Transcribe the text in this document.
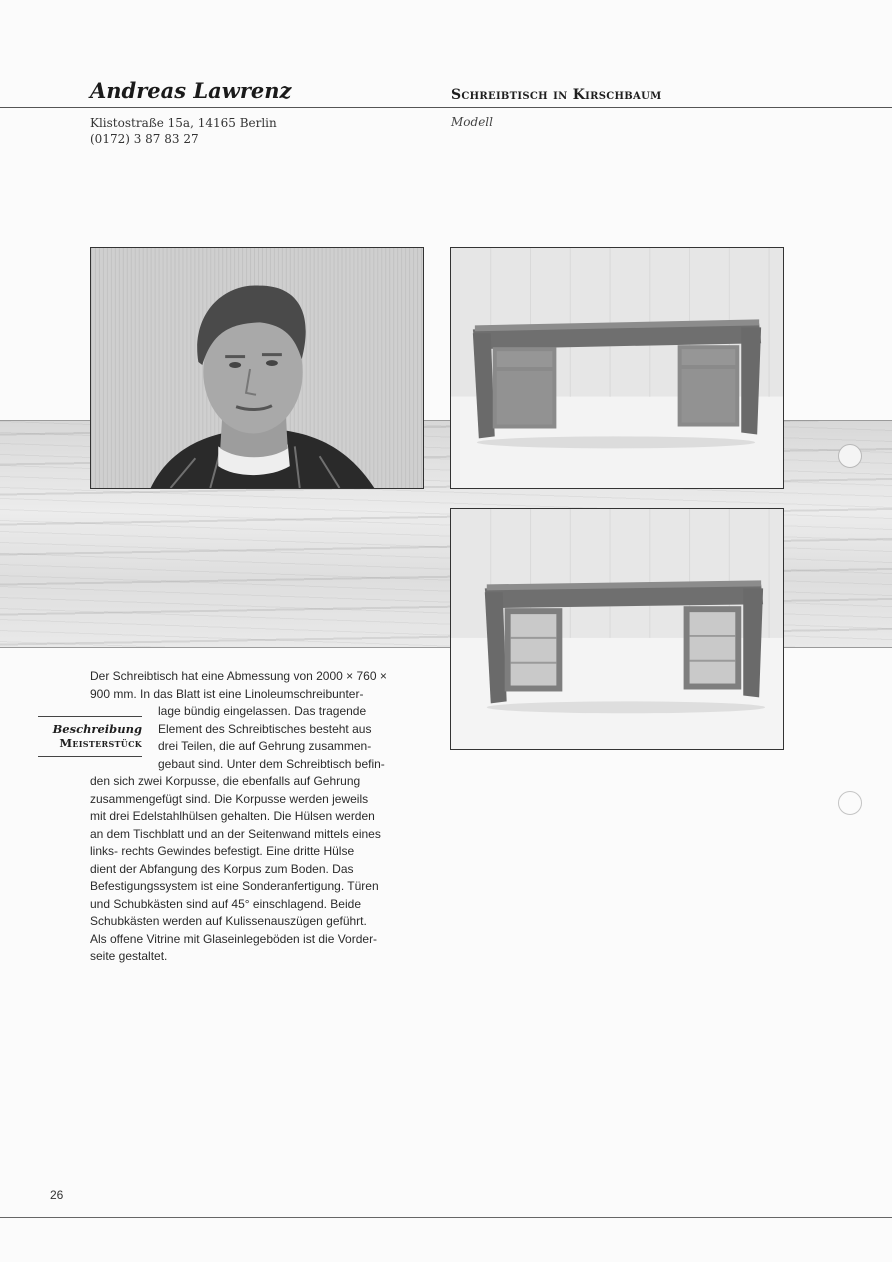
Andreas Lawrenz	Schreibtisch in Kirschbaum
Klistostraße 15a, 14165 Berlin
(0172) 3 87 83 27
Modell
Beschreibung
Meisterstück
Der Schreibtisch hat eine Abmessung von 2000 × 760 ×
900 mm. In das Blatt ist eine Linoleumschreibunter-
lage bündig eingelassen. Das tragende
Element des Schreibtisches besteht aus
drei Teilen, die auf Gehrung zusammen-
gebaut sind. Unter dem Schreibtisch befin-
den sich zwei Korpusse, die ebenfalls auf Gehrung
zusammengefügt sind. Die Korpusse werden jeweils
mit drei Edelstahlhülsen gehalten. Die Hülsen werden
an dem Tischblatt und an der Seitenwand mittels eines
links- rechts Gewindes befestigt. Eine dritte Hülse
dient der Abfangung des Korpus zum Boden. Das
Befestigungssystem ist eine Sonderanfertigung. Türen
und Schubkästen sind auf 45° einschlagend. Beide
Schubkästen werden auf Kulissenauszügen geführt.
Als offene Vitrine mit Glaseinlegeböden ist die Vorder-
seite gestaltet.
26
